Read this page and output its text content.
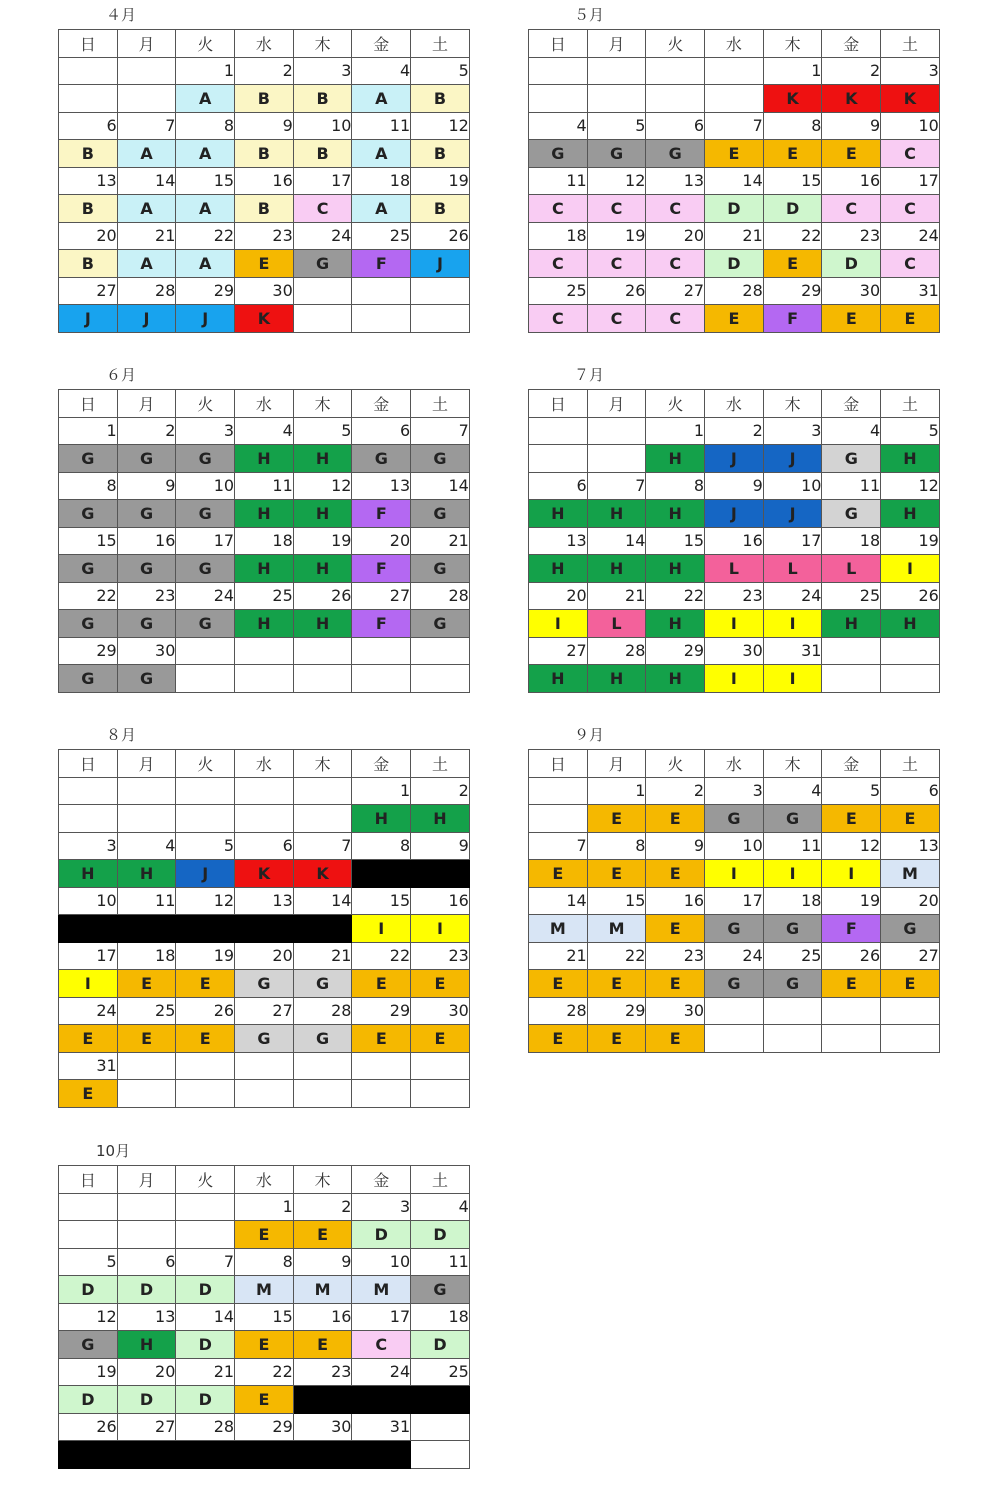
４月
日	月	火	水	木	金	土
		1	2	3	4	5
		A	B	B	A	B
6	7	8	9	10	11	12
B	A	A	B	B	A	B
13	14	15	16	17	18	19
B	A	A	B	C	A	B
20	21	22	23	24	25	26
B	A	A	E	G	F	J
27	28	29	30			
J	J	J	K			
５月
日	月	火	水	木	金	土
				1	2	3
				K	K	K
4	5	6	7	8	9	10
G	G	G	E	E	E	C
11	12	13	14	15	16	17
C	C	C	D	D	C	C
18	19	20	21	22	23	24
C	C	C	D	E	D	C
25	26	27	28	29	30	31
C	C	C	E	F	E	E
６月
日	月	火	水	木	金	土
1	2	3	4	5	6	7
G	G	G	H	H	G	G
8	9	10	11	12	13	14
G	G	G	H	H	F	G
15	16	17	18	19	20	21
G	G	G	H	H	F	G
22	23	24	25	26	27	28
G	G	G	H	H	F	G
29	30					
G	G					
７月
日	月	火	水	木	金	土
		1	2	3	4	5
		H	J	J	G	H
6	7	8	9	10	11	12
H	H	H	J	J	G	H
13	14	15	16	17	18	19
H	H	H	L	L	L	I
20	21	22	23	24	25	26
I	L	H	I	I	H	H
27	28	29	30	31		
H	H	H	I	I		
８月
日	月	火	水	木	金	土
					1	2
					H	H
3	4	5	6	7	8	9
H	H	J	K	K		
10	11	12	13	14	15	16
					I	I
17	18	19	20	21	22	23
I	E	E	G	G	E	E
24	25	26	27	28	29	30
E	E	E	G	G	E	E
31						
E						
９月
日	月	火	水	木	金	土
	1	2	3	4	5	6
	E	E	G	G	E	E
7	8	9	10	11	12	13
E	E	E	I	I	I	M
14	15	16	17	18	19	20
M	M	E	G	G	F	G
21	22	23	24	25	26	27
E	E	E	G	G	E	E
28	29	30				
E	E	E				
10月
日	月	火	水	木	金	土
			1	2	3	4
			E	E	D	D
5	6	7	8	9	10	11
D	D	D	M	M	M	G
12	13	14	15	16	17	18
G	H	D	E	E	C	D
19	20	21	22	23	24	25
D	D	D	E			
26	27	28	29	30	31	
